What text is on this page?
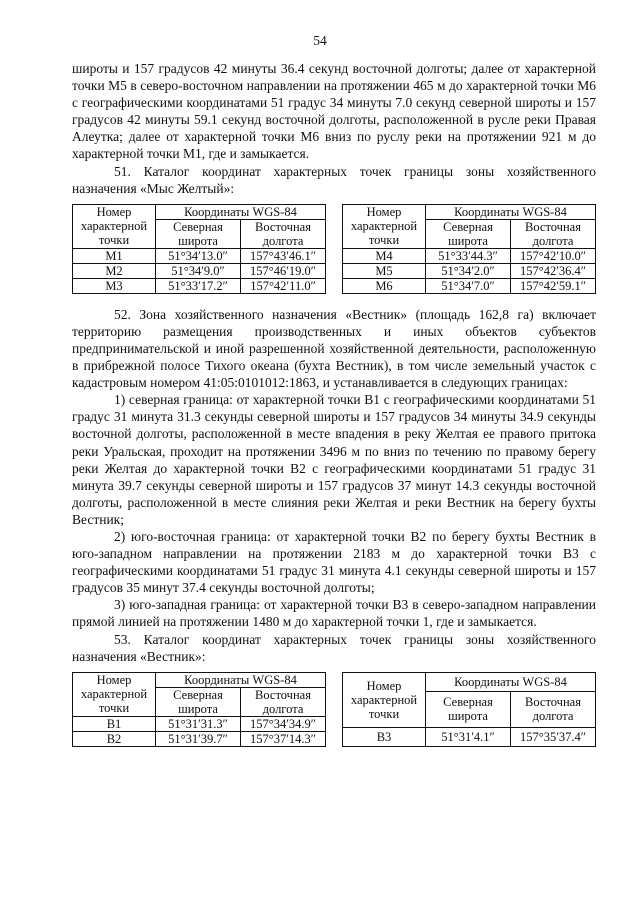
54

широты и 157 градусов 42 минуты 36.4 секунд восточной долготы; далее от характерной точки М5 в северо-восточном направлении на протяжении 465 м до характерной точки М6 с географическими координатами 51 градус 34 минуты 7.0 секунд северной широты и 157 градусов 42 минуты 59.1 секунд восточной долготы, расположенной в русле реки Правая Алеутка; далее от характерной точки М6 вниз по руслу реки на протяжении 921 м до характерной точки М1, где и замыкается.

51. Каталог координат характерных точек границы зоны хозяйственного назначения «Мыс Желтый»:

Номер характерной точки	Координаты WGS-84	
	Северная широта	Восточная долгота
М1	51°34′13.0″	157°43′46.1″
М2	51°34′9.0″	157°46′19.0″
М3	51°33′17.2″	157°42′11.0″
Номер характерной точки	Координаты WGS-84	
	Северная широта	Восточная долгота
М4	51°33′44.3″	157°42′10.0″
М5	51°34′2.0″	157°42′36.4″
М6	51°34′7.0″	157°42′59.1″

52. Зона хозяйственного назначения «Вестник» (площадь 162,8 га) включает территорию размещения производственных и иных объектов субъектов предпринимательской и иной разрешенной хозяйственной деятельности, расположенную в прибрежной полосе Тихого океана (бухта Вестник), в том числе земельный участок с кадастровым номером 41:05:0101012:1863, и устанавливается в следующих границах:

1) северная граница: от характерной точки В1 с географическими координатами 51 градус 31 минута 31.3 секунды северной широты и 157 градусов 34 минуты 34.9 секунды восточной долготы, расположенной в месте впадения в реку Желтая ее правого притока реки Уральская, проходит на протяжении 3496 м по вниз по течению по правому берегу реки Желтая до характерной точки В2 с географическими координатами 51 градус 31 минута 39.7 секунды северной широты и 157 градусов 37 минут 14.3 секунды восточной долготы, расположенной в месте слияния реки Желтая и реки Вестник на берегу бухты Вестник;

2) юго-восточная граница: от характерной точки В2 по берегу бухты Вестник в юго-западном направлении на протяжении 2183 м до характерной точки В3 с географическими координатами 51 градус 31 минута 4.1 секунды северной широты и 157 градусов 35 минут 37.4 секунды восточной долготы;

3) юго-западная граница: от характерной точки В3 в северо-западном направлении прямой линией на протяжении 1480 м до характерной точки 1, где и замыкается.

53. Каталог координат характерных точек границы зоны хозяйственного назначения «Вестник»:

Номер характерной точки	Координаты WGS-84	
	Северная широта	Восточная долгота
В1	51°31′31.3″	157°34′34.9″
В2	51°31′39.7″	157°37′14.3″
Номер характерной точки	Координаты WGS-84	
	Северная широта	Восточная долгота
В3	51°31′4.1″	157°35′37.4″
